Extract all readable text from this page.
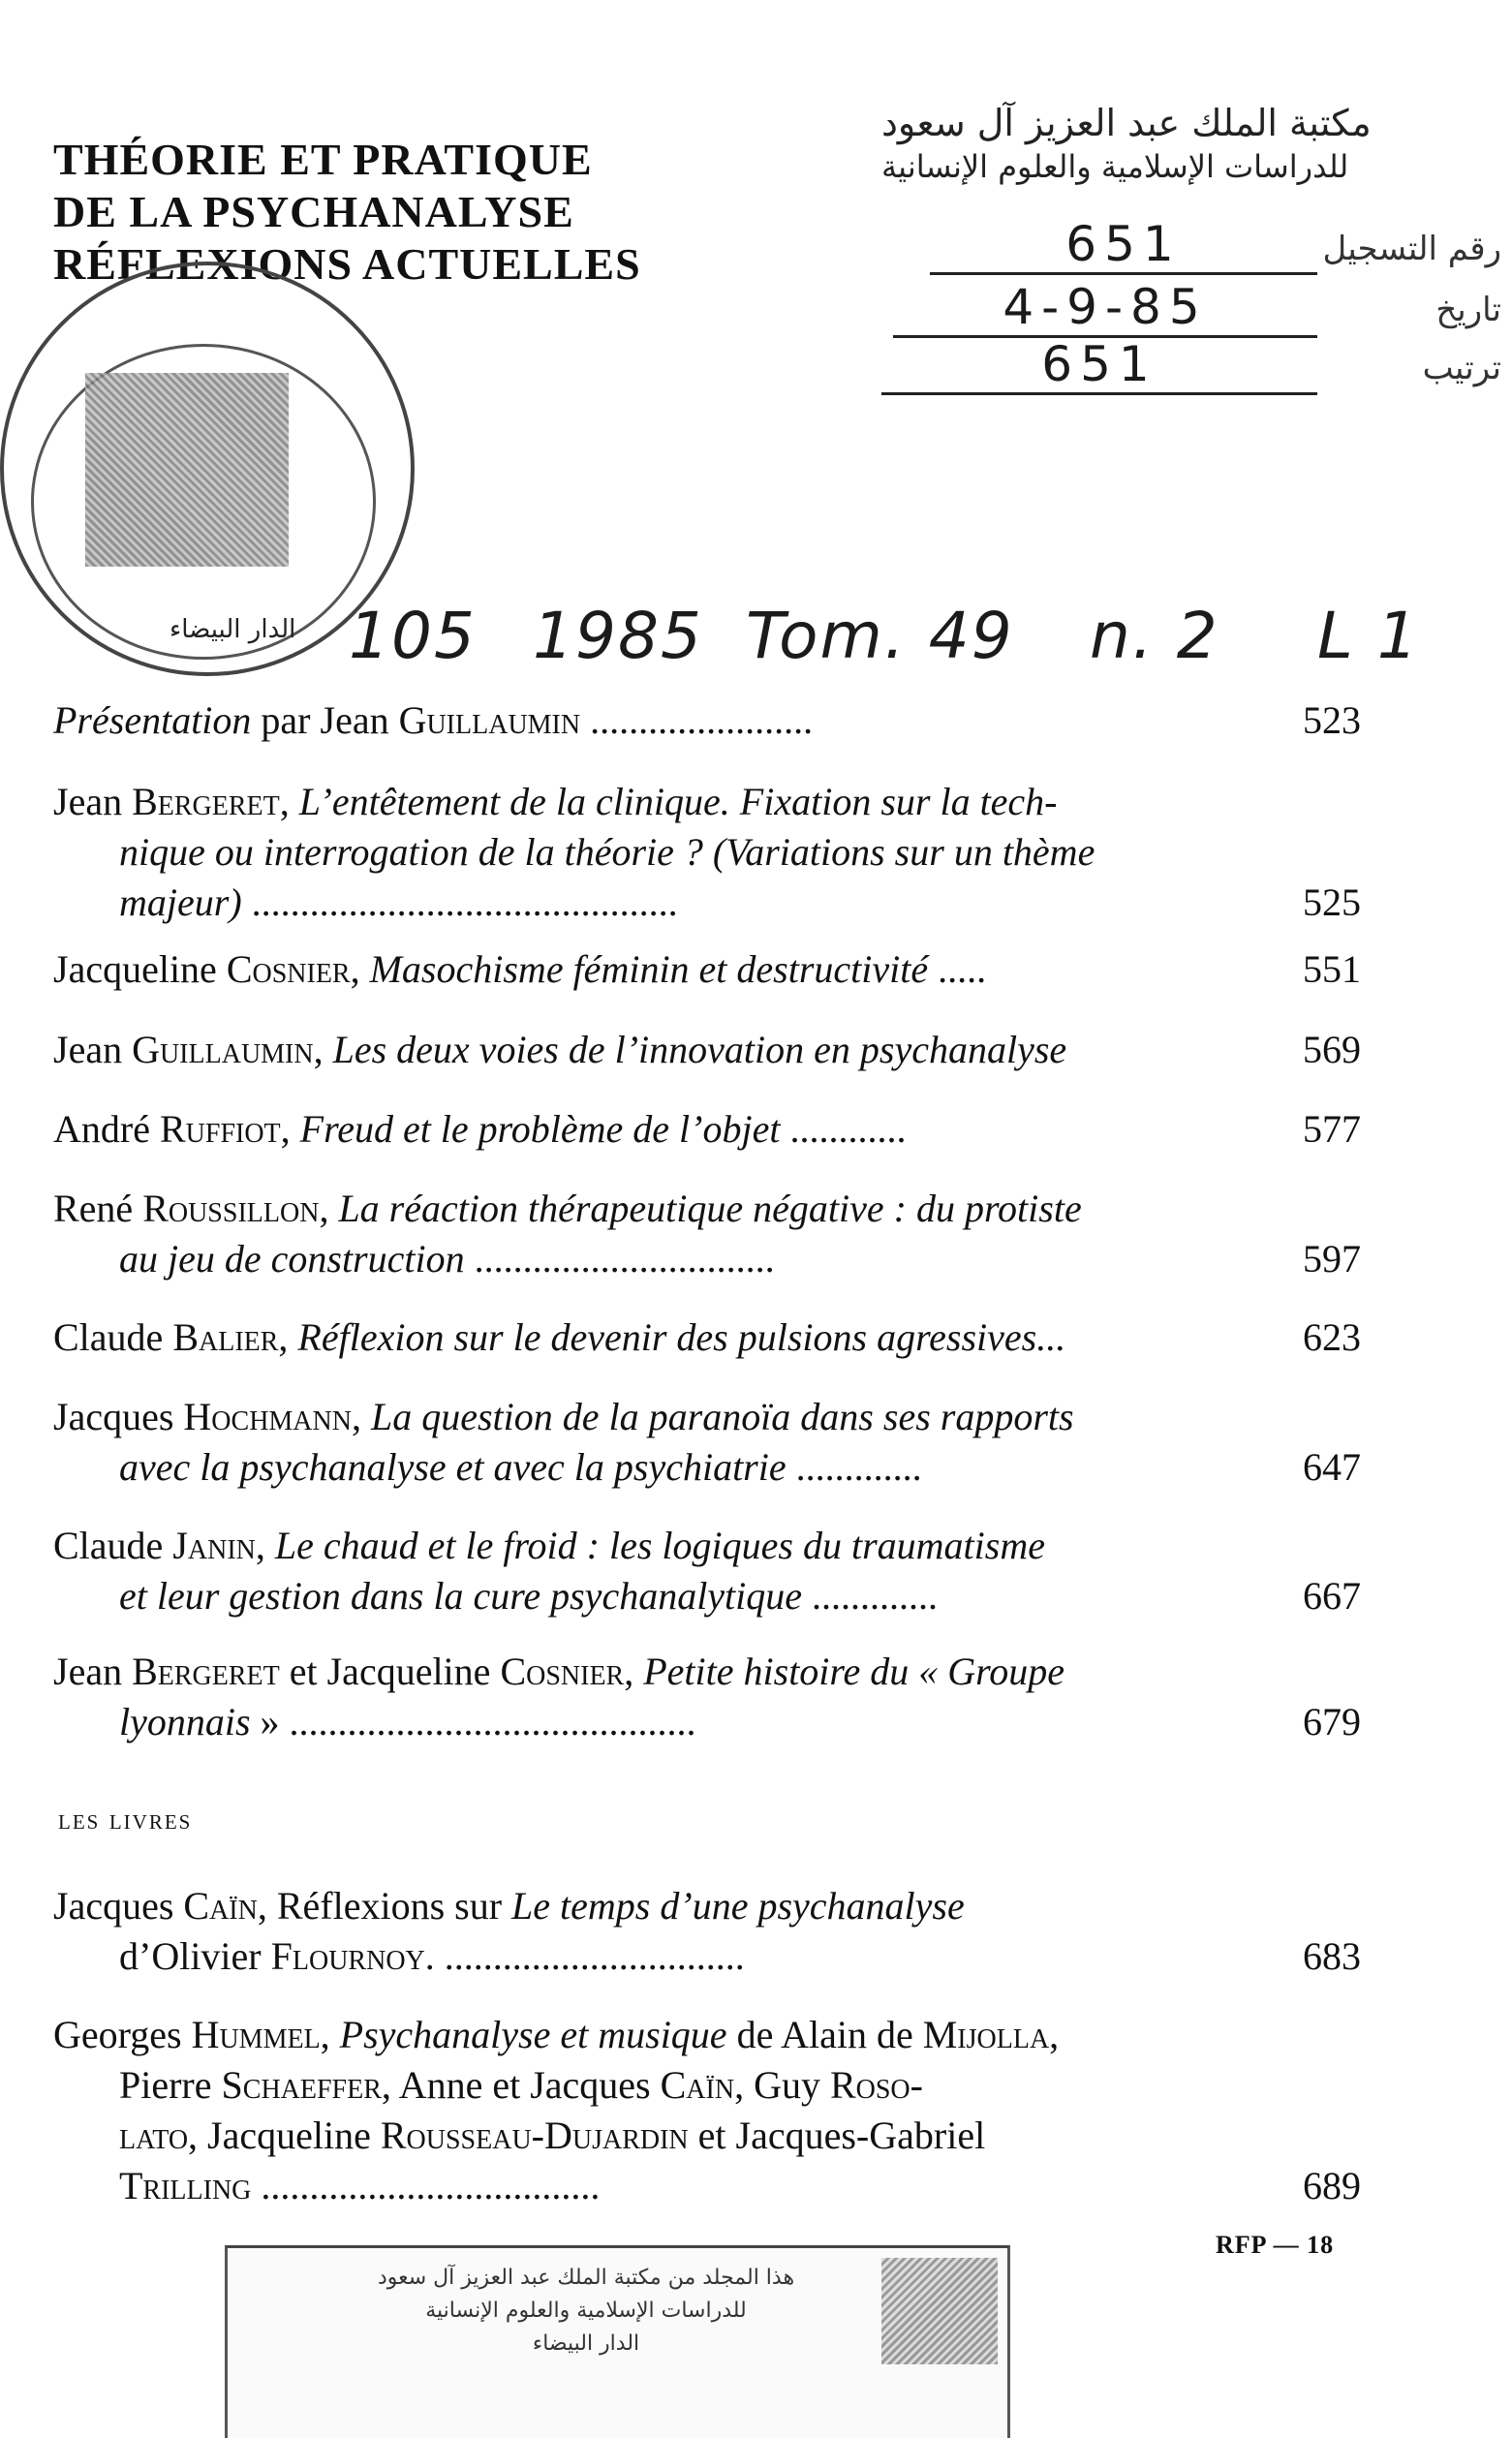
THÉORIE ET PRATIQUE
DE LA PSYCHANALYSE
RÉFLEXIONS ACTUELLES
الدار البيضاء
مكتبة الملك عبد العزيز آل سعود
للدراسات الإسلامية والعلوم الإنسانية
651	رقم التسجيل
4-9-85	تاريخ
651	ترتيب
105 1985 Tom. 49 n. 2 L 1
Présentation par Jean Guillaumin .......................	523
Jean Bergeret, L’entêtement de la clinique. Fixation sur la tech-
nique ou interrogation de la théorie ? (Variations sur un thème
majeur) ............................................	525
Jacqueline Cosnier, Masochisme féminin et destructivité .....	551
Jean Guillaumin, Les deux voies de l’innovation en psychanalyse	569
André Ruffiot, Freud et le problème de l’objet ............	577
René Roussillon, La réaction thérapeutique négative : du protiste
au jeu de construction ...............................	597
Claude Balier, Réflexion sur le devenir des pulsions agressives...	623
Jacques Hochmann, La question de la paranoïa dans ses rapports
avec la psychanalyse et avec la psychiatrie .............	647
Claude Janin, Le chaud et le froid : les logiques du traumatisme
et leur gestion dans la cure psychanalytique .............	667
Jean Bergeret et Jacqueline Cosnier, Petite histoire du « Groupe
lyonnais » ..........................................	679
Jacques Caïn, Réflexions sur Le temps d’une psychanalyse
d’Olivier Flournoy. ...............................	683
Georges Hummel, Psychanalyse et musique de Alain de Mijolla,
Pierre Schaeffer, Anne et Jacques Caïn, Guy Roso-
lato, Jacqueline Rousseau-Dujardin et Jacques-Gabriel
Trilling ...................................	689
les livres
RFP — 18
هذا المجلد من مكتبة الملك عبد العزيز آل سعود
للدراسات الإسلامية والعلوم الإنسانية
الدار البيضاء
